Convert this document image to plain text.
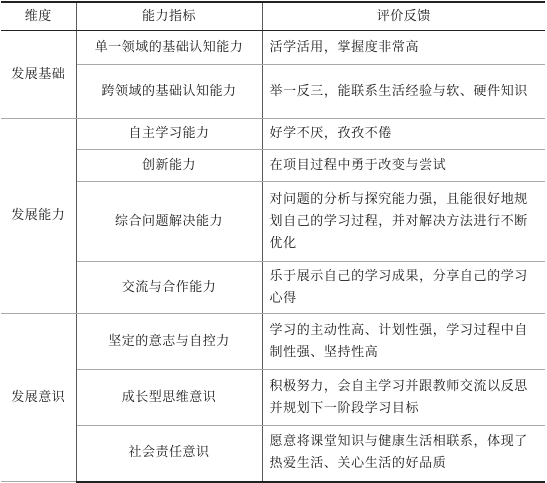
维度	能力指标	评价反馈
发展基础	单一领域的基础认知能力	活学活用，掌握度非常高
	跨领域的基础认知能力	举一反三，能联系生活经验与软、硬件知识
发展能力	自主学习能力	好学不厌，孜孜不倦
	创新能力	在项目过程中勇于改变与尝试
	综合问题解决能力	对问题的分析与探究能力强，且能很好地规划自己的学习过程，并对解决方法进行不断优化
	交流与合作能力	乐于展示自己的学习成果，分享自己的学习心得
发展意识	坚定的意志与自控力	学习的主动性高、计划性强，学习过程中自制性强、坚持性高
	成长型思维意识	积极努力，会自主学习并跟教师交流以反思并规划下一阶段学习目标
	社会责任意识	愿意将课堂知识与健康生活相联系，体现了热爱生活、关心生活的好品质
